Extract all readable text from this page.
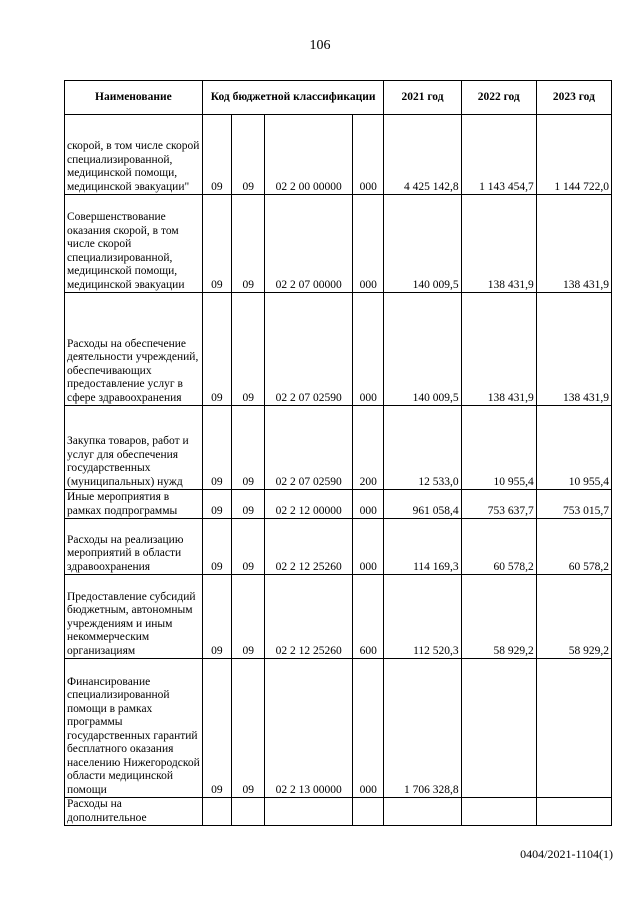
106
Наименование	Код бюджетной классификации				2021 год	2022 год	2023 год
скорой, в том числе скорой специализированной, медицинской помощи, медицинской эвакуации"	09	09	02 2 00 00000	000	4 425 142,8	1 143 454,7	1 144 722,0
Совершенствование оказания скорой, в том числе скорой специализированной, медицинской помощи, медицинской эвакуации	09	09	02 2 07 00000	000	140 009,5	138 431,9	138 431,9
Расходы на обеспечение деятельности учреждений, обеспечивающих предоставление услуг в сфере здравоохранения	09	09	02 2 07 02590	000	140 009,5	138 431,9	138 431,9
Закупка товаров, работ и услуг для обеспечения государственных (муниципальных) нужд	09	09	02 2 07 02590	200	12 533,0	10 955,4	10 955,4
Иные мероприятия в рамках подпрограммы	09	09	02 2 12 00000	000	961 058,4	753 637,7	753 015,7
Расходы на реализацию мероприятий в области здравоохранения	09	09	02 2 12 25260	000	114 169,3	60 578,2	60 578,2
Предоставление субсидий бюджетным, автономным учреждениям и иным некоммерческим организациям	09	09	02 2 12 25260	600	112 520,3	58 929,2	58 929,2
Финансирование специализированной помощи в рамках программы государственных гарантий бесплатного оказания населению Нижегородской области медицинской помощи	09	09	02 2 13 00000	000	1 706 328,8		
Расходы на дополнительное							
0404/2021-1104(1)
